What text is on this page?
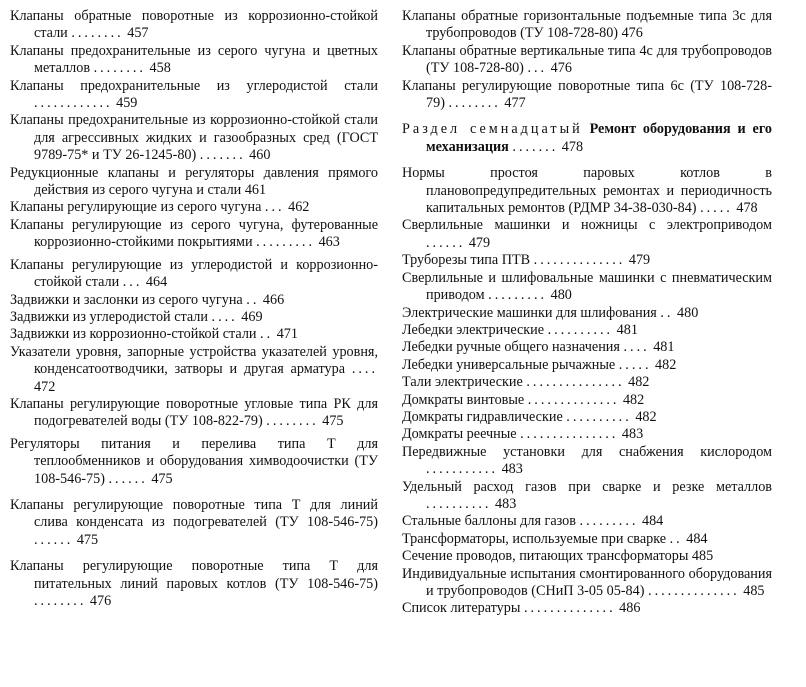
Клапаны обратные поворотные из коррозионно-стойкой стали ........ 457

Клапаны предохранительные из серого чугуна и цветных металлов ........ 458

Клапаны предохранительные из углеродистой стали ............ 459

Клапаны предохранительные из коррозионно-стойкой стали для агрессивных жидких и газообразных сред (ГОСТ 9789-75* и ТУ 26-1245-80) ....... 460

Редукционные клапаны и регуляторы давления прямого действия из серого чугуна и стали 461

Клапаны регулирующие из серого чугуна ... 462

Клапаны регулирующие из серого чугуна, футерованные коррозионно-стойкими покрытиями ......... 463

Клапаны регулирующие из углеродистой и коррозионно-стойкой стали ... 464

Задвижки и заслонки из серого чугуна .. 466

Задвижки из углеродистой стали .... 469

Задвижки из коррозионно-стойкой стали .. 471

Указатели уровня, запорные устройства указателей уровня, конденсатоотводчики, затворы и другая арматура .... 472

Клапаны регулирующие поворотные угловые типа РК для подогревателей воды (ТУ 108-822-79) ........ 475

Регуляторы питания и перелива типа Т для теплообменников и оборудования химводоочистки (ТУ 108-546-75) ...... 475

Клапаны регулирующие поворотные типа Т для линий слива конденсата из подогревателей (ТУ 108-546-75) ...... 475

Клапаны регулирующие поворотные типа Т для питательных линий паровых котлов (ТУ 108-546-75) ........ 476

Клапаны обратные горизонтальные подъемные типа 3с для трубопроводов (ТУ 108-728-80) 476

Клапаны обратные вертикальные типа 4с для трубопроводов (ТУ 108-728-80) ... 476

Клапаны регулирующие поворотные типа 6с (ТУ 108-728-79) ........ 477

Раздел семнадцатый Ремонт оборудования и его механизация ....... 478

Нормы простоя паровых котлов в плановопредупредительных ремонтах и периодичность капитальных ремонтов (РДМР 34-38-030-84) ..... 478

Сверлильные машинки и ножницы с электроприводом ...... 479

Труборезы типа ПТВ .............. 479

Сверлильные и шлифовальные машинки с пневматическим приводом ......... 480

Электрические машинки для шлифования .. 480

Лебедки электрические .......... 481

Лебедки ручные общего назначения .... 481

Лебедки универсальные рычажные ..... 482

Тали электрические ............... 482

Домкраты винтовые .............. 482

Домкраты гидравлические .......... 482

Домкраты реечные ............... 483

Передвижные установки для снабжения кислородом ........... 483

Удельный расход газов при сварке и резке металлов .......... 483

Стальные баллоны для газов ......... 484

Трансформаторы, используемые при сварке .. 484

Сечение проводов, питающих трансформаторы 485

Индивидуальные испытания смонтированного оборудования и трубопроводов (СНиП 3-05 05-84) .............. 485

Список литературы .............. 486
